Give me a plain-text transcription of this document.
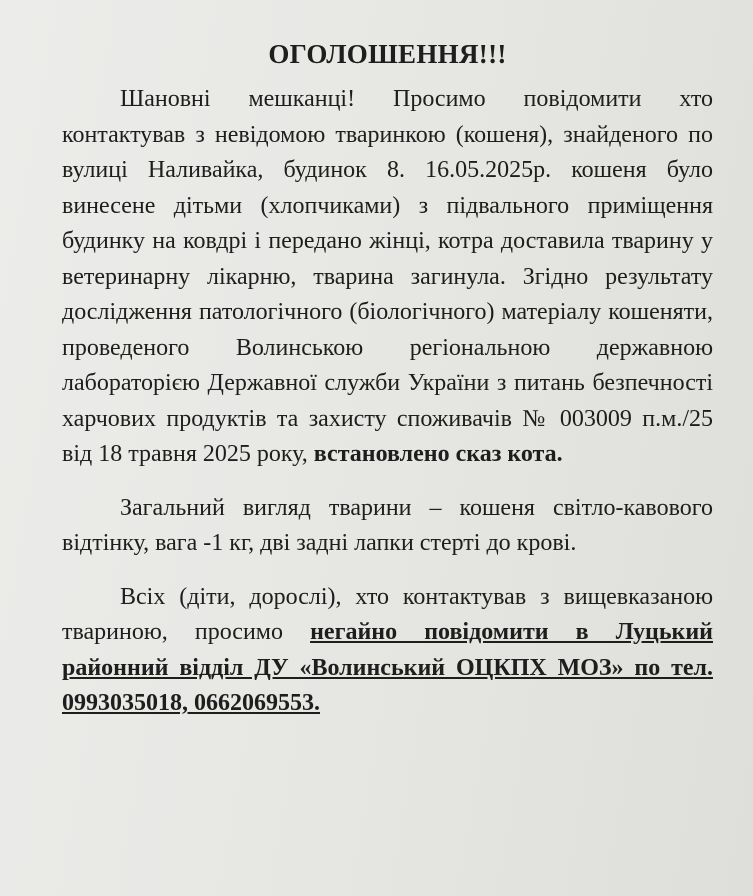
ОГОЛОШЕННЯ!!!

Шановні мешканці! Просимо повідомити хто контактував з невідомою тваринкою (кошеня), знайденого по вулиці Наливайка, будинок 8. 16.05.2025р. кошеня було винесене дітьми (хлопчиками) з підвального приміщення будинку на ковдрі і передано жінці, котра доставила тварину у ветеринарну лікарню, тварина загинула. Згідно результату дослідження патологічного (біологічного) матеріалу кошеняти, проведеного Волинською регіональною державною лабораторією Державної служби України з питань безпечності харчових продуктів та захисту споживачів № 003009 п.м./25 від 18 травня 2025 року, встановлено сказ кота.

Загальний вигляд тварини – кошеня світло-кавового відтінку, вага -1 кг, дві задні лапки стерті до крові.

Всіх (діти, дорослі), хто контактував з вищевказаною твариною, просимо негайно повідомити в Луцький районний відділ ДУ «Волинський ОЦКПХ МОЗ» по тел. 0993035018, 0662069553.
